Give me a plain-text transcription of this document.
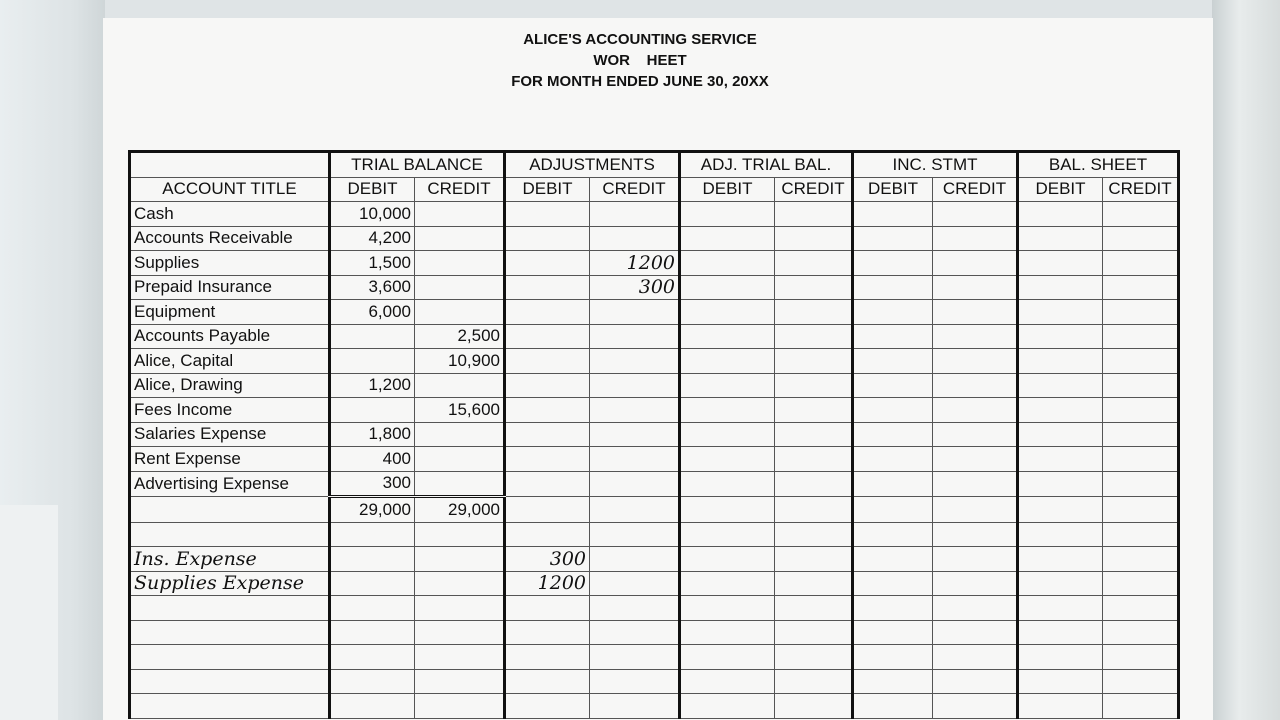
ALICE'S ACCOUNTING SERVICE
WOR    HEET
FOR MONTH ENDED JUNE 30, 20XX
	TRIAL BALANCE		ADJUSTMENTS		ADJ. TRIAL BAL.		INC. STMT		BAL. SHEET	
ACCOUNT TITLE	DEBIT	CREDIT	DEBIT	CREDIT	DEBIT	CREDIT	DEBIT	CREDIT	DEBIT	CREDIT
Cash	10,000									
Accounts Receivable	4,200									
Supplies	1,500			1200						
Prepaid Insurance	3,600			300						
Equipment	6,000									
Accounts Payable		2,500								
Alice, Capital		10,900								
Alice, Drawing	1,200									
Fees Income		15,600								
Salaries Expense	1,800									
Rent Expense	400									
Advertising Expense	300									
	29,000	29,000								

Ins. Expense			300							
Supplies Expense			1200							
